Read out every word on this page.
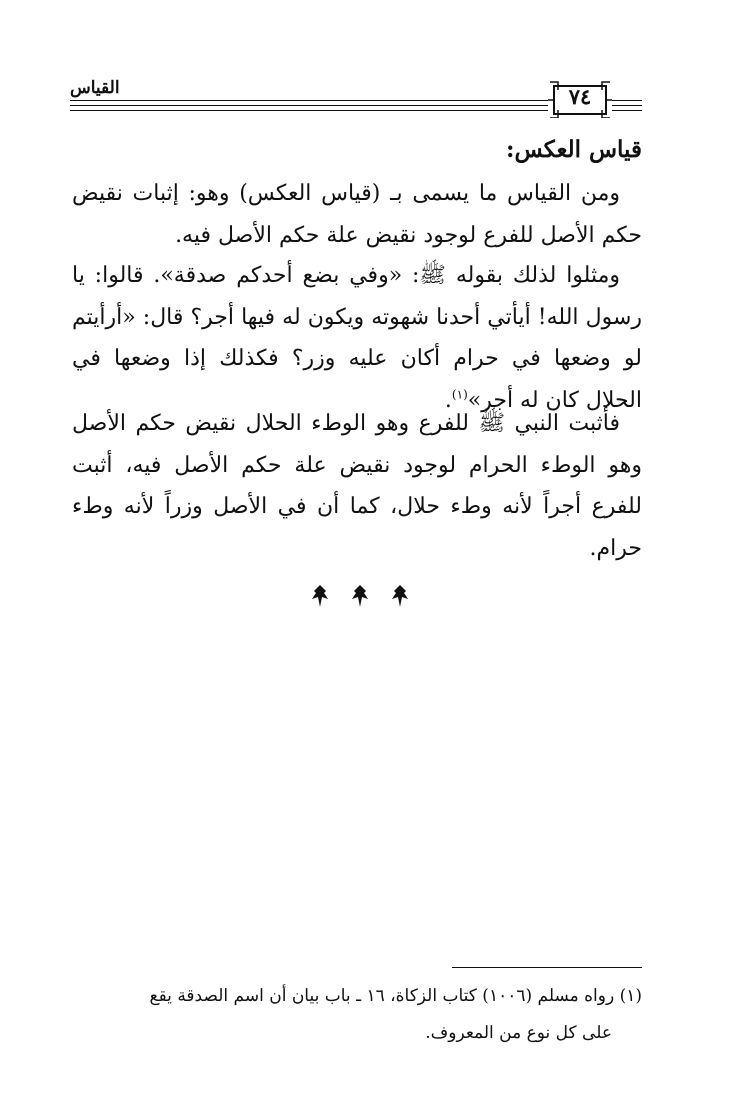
القياس	٧٤
قياس العكس:
ومن القياس ما يسمى بـ (قياس العكس) وهو: إثبات نقيض حكم الأصل للفرع لوجود نقيض علة حكم الأصل فيه.
ومثلوا لذلك بقوله ﷺ: «وفي بضع أحدكم صدقة». قالوا: يا رسول الله! أيأتي أحدنا شهوته ويكون له فيها أجر؟ قال: «أرأيتم لو وضعها في حرام أكان عليه وزر؟ فكذلك إذا وضعها في الحلال كان له أجر»$^{(١)}$.
فأثبت النبي ﷺ للفرع وهو الوطء الحلال نقيض حكم الأصل وهو الوطء الحرام لوجود نقيض علة حكم الأصل فيه، أثبت للفرع أجراً لأنه وطء حلال، كما أن في الأصل وزراً لأنه وطء حرام.
(١) رواه مسلم (١٠٠٦) كتاب الزكاة، ١٦ ـ باب بيان أن اسم الصدقة يقع
على كل نوع من المعروف.
